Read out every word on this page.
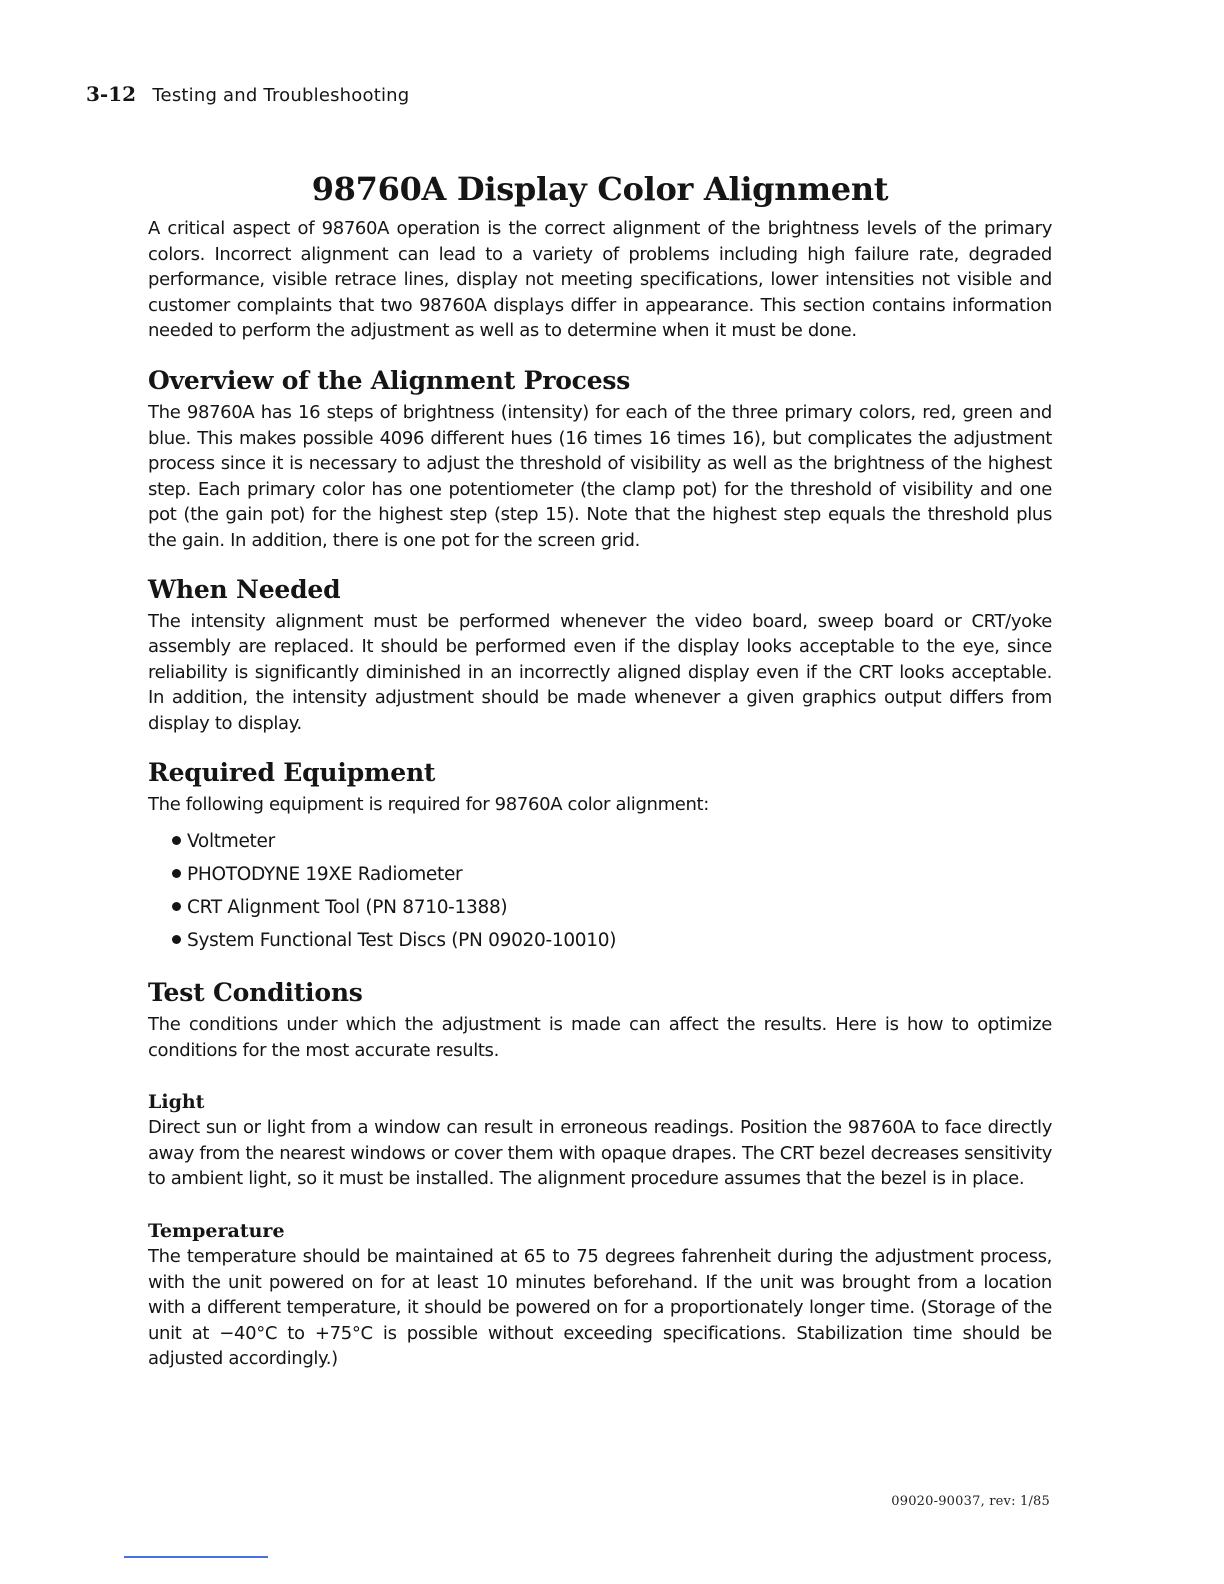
3-12 Testing and Troubleshooting
98760A Display Color Alignment

A critical aspect of 98760A operation is the correct alignment of the brightness levels of the primary colors. Incorrect alignment can lead to a variety of problems including high failure rate, degraded performance, visible retrace lines, display not meeting specifications, lower intensities not visible and customer complaints that two 98760A displays differ in appearance. This section contains information needed to perform the adjustment as well as to determine when it must be done.

Overview of the Alignment Process

The 98760A has 16 steps of brightness (intensity) for each of the three primary colors, red, green and blue. This makes possible 4096 different hues (16 times 16 times 16), but complicates the adjustment process since it is necessary to adjust the threshold of visibility as well as the brightness of the highest step. Each primary color has one potentiometer (the clamp pot) for the threshold of visibility and one pot (the gain pot) for the highest step (step 15). Note that the highest step equals the threshold plus the gain. In addition, there is one pot for the screen grid.

When Needed

The intensity alignment must be performed whenever the video board, sweep board or CRT/yoke assembly are replaced. It should be performed even if the display looks acceptable to the eye, since reliability is significantly diminished in an incorrectly aligned display even if the CRT looks acceptable. In addition, the intensity adjustment should be made whenever a given graphics output differs from display to display.

Required Equipment

The following equipment is required for 98760A color alignment:

Voltmeter
PHOTODYNE 19XE Radiometer
CRT Alignment Tool (PN 8710-1388)
System Functional Test Discs (PN 09020-10010)
Test Conditions

The conditions under which the adjustment is made can affect the results. Here is how to optimize conditions for the most accurate results.

Light

Direct sun or light from a window can result in erroneous readings. Position the 98760A to face directly away from the nearest windows or cover them with opaque drapes. The CRT bezel decreases sensitivity to ambient light, so it must be installed. The alignment procedure assumes that the bezel is in place.

Temperature

The temperature should be maintained at 65 to 75 degrees fahrenheit during the adjustment process, with the unit powered on for at least 10 minutes beforehand. If the unit was brought from a location with a different temperature, it should be powered on for a proportionately longer time. (Storage of the unit at −40°C to +75°C is possible without exceeding specifications. Stabilization time should be adjusted accordingly.)

09020-90037, rev: 1/85
